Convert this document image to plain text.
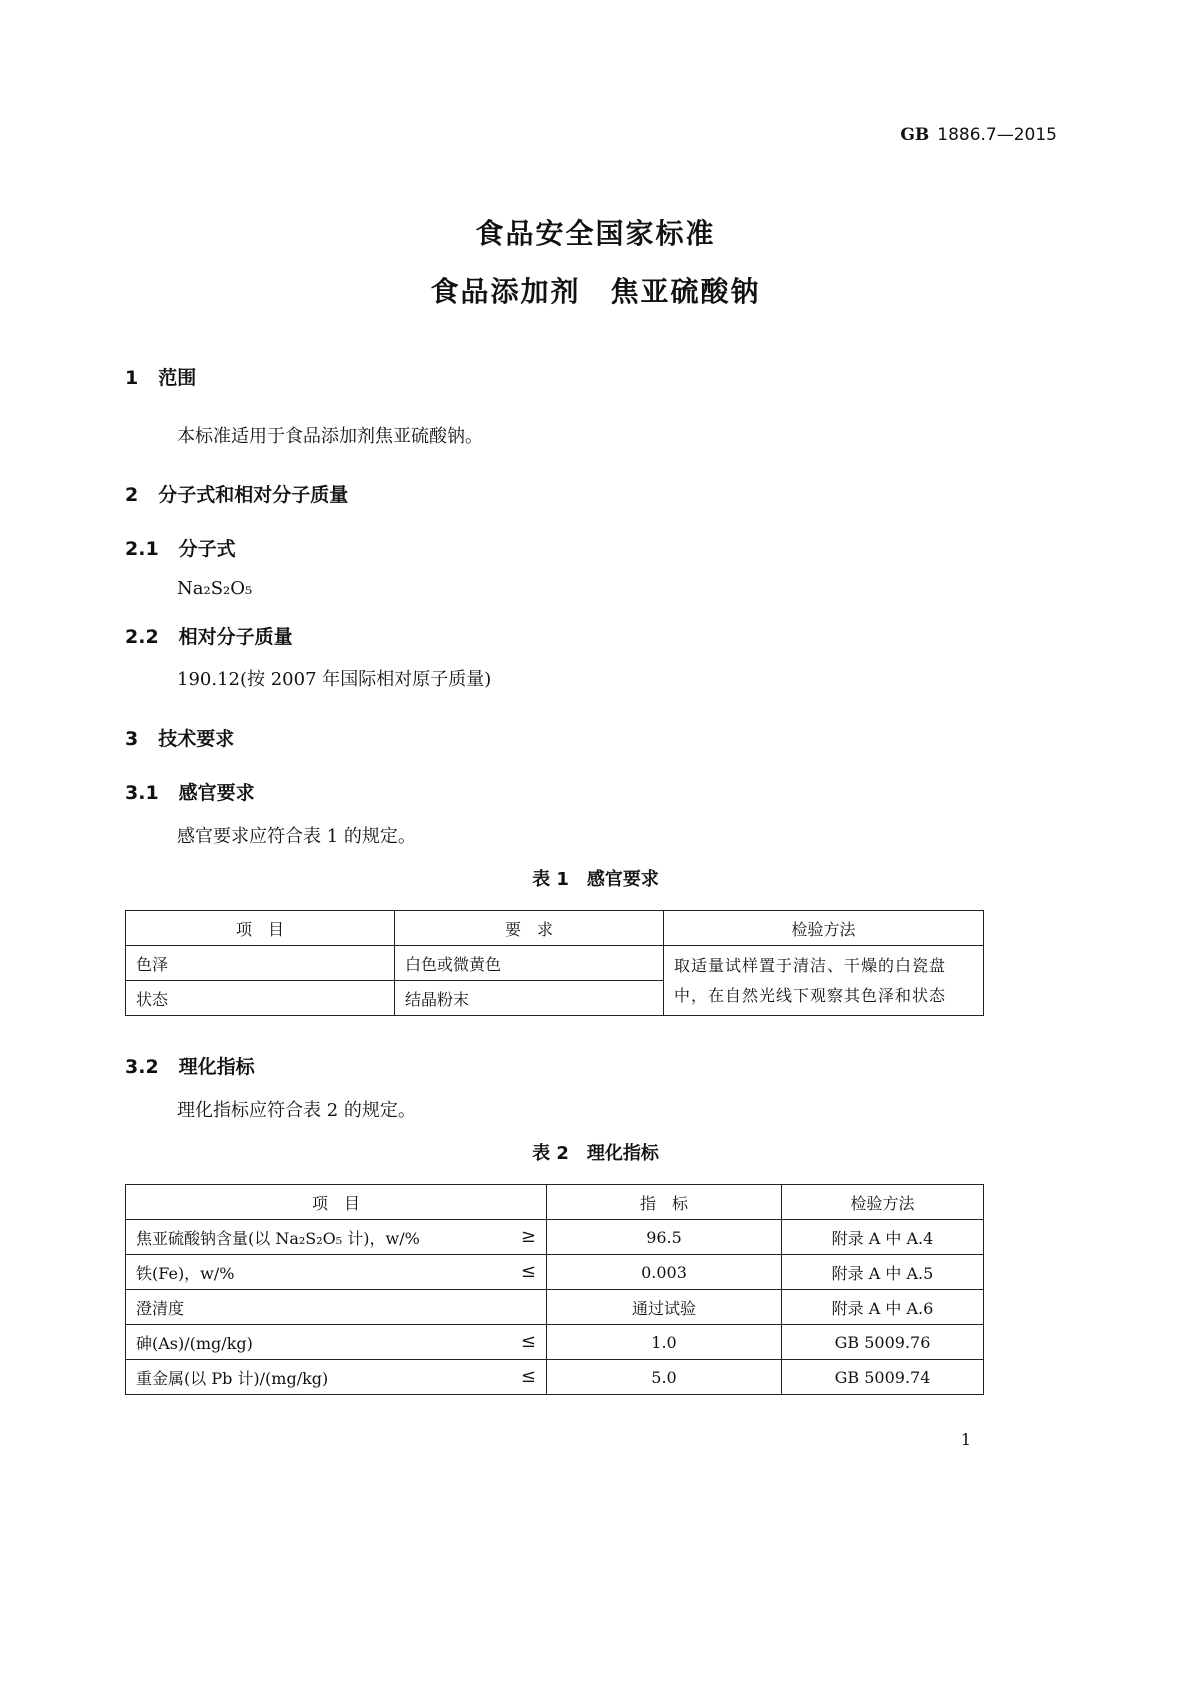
GB 1886.7—2015
食品安全国家标准
食品添加剂　焦亚硫酸钠
1 范围
本标准适用于食品添加剂焦亚硫酸钠。
2 分子式和相对分子质量
2.1 分子式
Na₂S₂O₅
2.2 相对分子质量
190.12(按 2007 年国际相对原子质量)
3 技术要求
3.1 感官要求
感官要求应符合表 1 的规定。
表 1　感官要求
项　目	要　求	检验方法
色泽	白色或微黄色	取适量试样置于清洁、干燥的白瓷盘中，在自然光线下观察其色泽和状态
状态	结晶粉末	
3.2 理化指标
理化指标应符合表 2 的规定。
表 2　理化指标
项　目	指　标	检验方法
焦亚硫酸钠含量(以 Na₂S₂O₅ 计)，w/% ≥	96.5	附录 A 中 A.4
铁(Fe)，w/% ≤	0.003	附录 A 中 A.5
澄清度	通过试验	附录 A 中 A.6
砷(As)/(mg/kg) ≤	1.0	GB 5009.76
重金属(以 Pb 计)/(mg/kg) ≤	5.0	GB 5009.74
1
